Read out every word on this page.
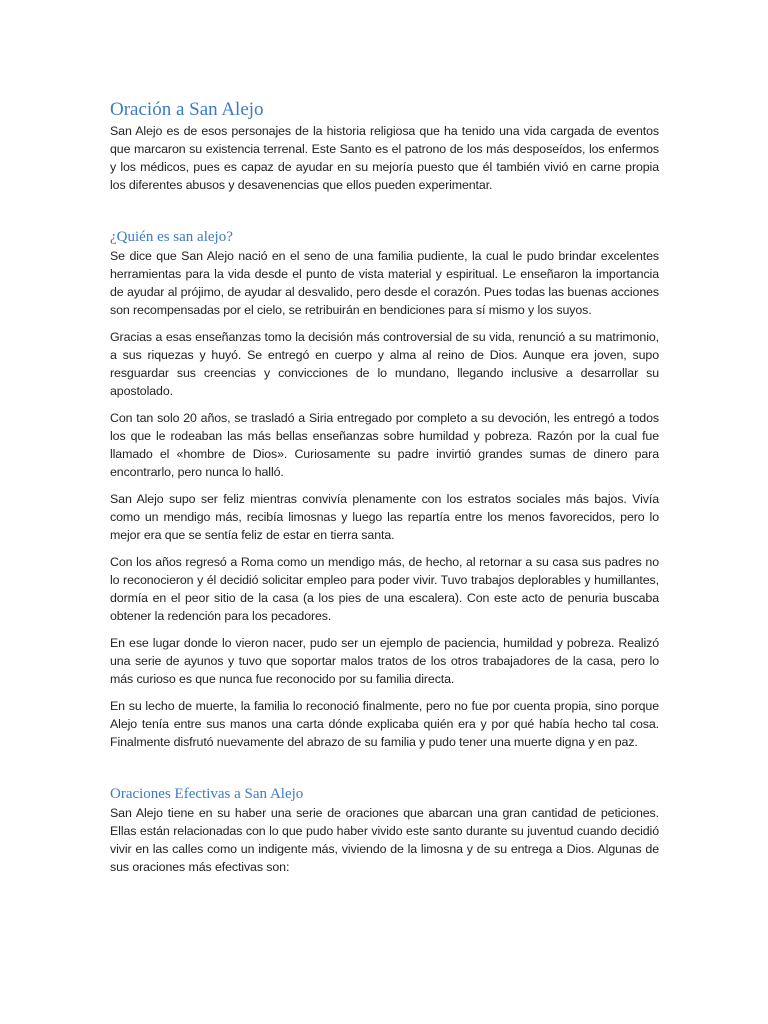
Oración a San Alejo

San Alejo es de esos personajes de la historia religiosa que ha tenido una vida cargada de eventos que marcaron su existencia terrenal. Este Santo es el patrono de los más desposeídos, los enfermos y los médicos, pues es capaz de ayudar en su mejoría puesto que él también vivió en carne propia los diferentes abusos y desavenencias que ellos pueden experimentar.

¿Quién es san alejo?

Se dice que San Alejo nació en el seno de una familia pudiente, la cual le pudo brindar excelentes herramientas para la vida desde el punto de vista material y espiritual. Le enseñaron la importancia de ayudar al prójimo, de ayudar al desvalido, pero desde el corazón. Pues todas las buenas acciones son recompensadas por el cielo, se retribuirán en bendiciones para sí mismo y los suyos.

Gracias a esas enseñanzas tomo la decisión más controversial de su vida, renunció a su matrimonio, a sus riquezas y huyó. Se entregó en cuerpo y alma al reino de Dios. Aunque era joven, supo resguardar sus creencias y convicciones de lo mundano, llegando inclusive a desarrollar su apostolado.

Con tan solo 20 años, se trasladó a Siria entregado por completo a su devoción, les entregó a todos los que le rodeaban las más bellas enseñanzas sobre humildad y pobreza. Razón por la cual fue llamado el «hombre de Dios». Curiosamente su padre invirtió grandes sumas de dinero para encontrarlo, pero nunca lo halló.

San Alejo supo ser feliz mientras convivía plenamente con los estratos sociales más bajos. Vivía como un mendigo más, recibía limosnas y luego las repartía entre los menos favorecidos, pero lo mejor era que se sentía feliz de estar en tierra santa.

Con los años regresó a Roma como un mendigo más, de hecho, al retornar a su casa sus padres no lo reconocieron y él decidió solicitar empleo para poder vivir. Tuvo trabajos deplorables y humillantes, dormía en el peor sitio de la casa (a los pies de una escalera). Con este acto de penuria buscaba obtener la redención para los pecadores.

En ese lugar donde lo vieron nacer, pudo ser un ejemplo de paciencia, humildad y pobreza. Realizó una serie de ayunos y tuvo que soportar malos tratos de los otros trabajadores de la casa, pero lo más curioso es que nunca fue reconocido por su familia directa.

En su lecho de muerte, la familia lo reconoció finalmente, pero no fue por cuenta propia, sino porque Alejo tenía entre sus manos una carta dónde explicaba quién era y por qué había hecho tal cosa. Finalmente disfrutó nuevamente del abrazo de su familia y pudo tener una muerte digna y en paz.

Oraciones Efectivas a San Alejo

San Alejo tiene en su haber una serie de oraciones que abarcan una gran cantidad de peticiones. Ellas están relacionadas con lo que pudo haber vivido este santo durante su juventud cuando decidió vivir en las calles como un indigente más, viviendo de la limosna y de su entrega a Dios. Algunas de sus oraciones más efectivas son:
